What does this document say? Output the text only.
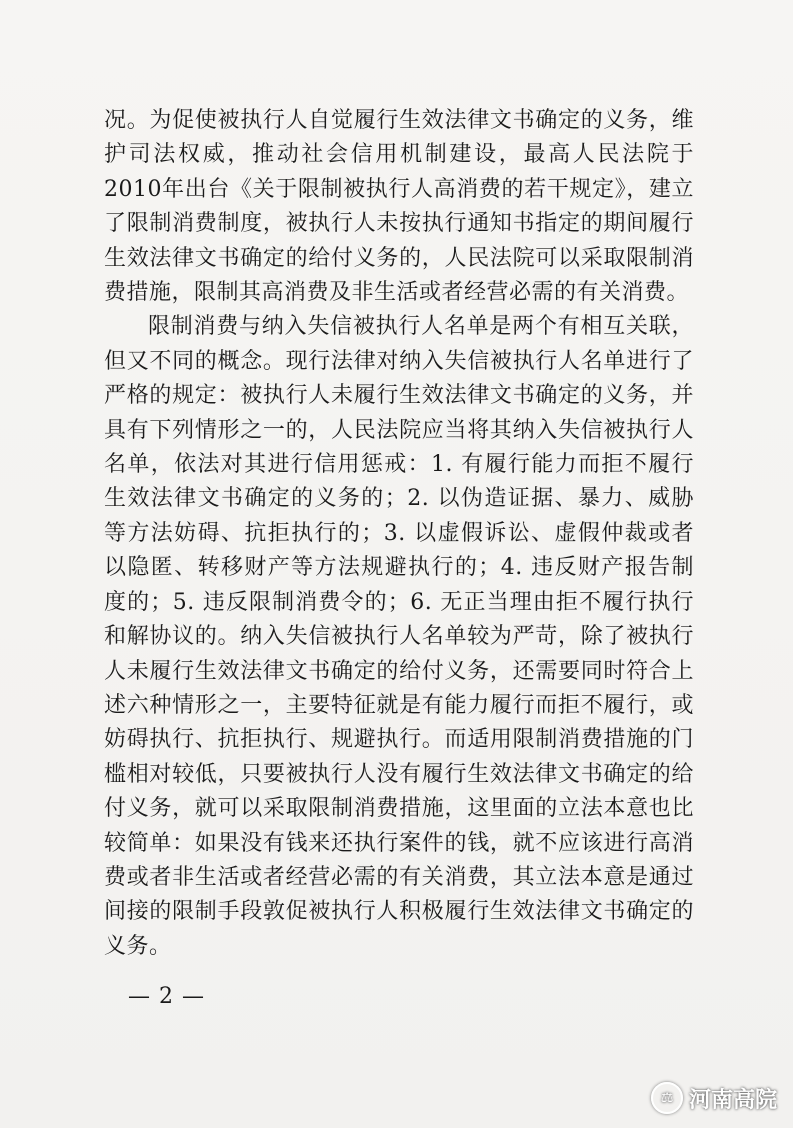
况。为促使被执行人自觉履行生效法律文书确定的义务，维护司法权威，推动社会信用机制建设，最高人民法院于2010年出台《关于限制被执行人高消费的若干规定》，建立了限制消费制度，被执行人未按执行通知书指定的期间履行生效法律文书确定的给付义务的，人民法院可以采取限制消费措施，限制其高消费及非生活或者经营必需的有关消费。

限制消费与纳入失信被执行人名单是两个有相互关联，但又不同的概念。现行法律对纳入失信被执行人名单进行了严格的规定：被执行人未履行生效法律文书确定的义务，并具有下列情形之一的，人民法院应当将其纳入失信被执行人名单，依法对其进行信用惩戒：1. 有履行能力而拒不履行生效法律文书确定的义务的；2. 以伪造证据、暴力、威胁等方法妨碍、抗拒执行的；3. 以虚假诉讼、虚假仲裁或者以隐匿、转移财产等方法规避执行的；4. 违反财产报告制度的；5. 违反限制消费令的；6. 无正当理由拒不履行执行和解协议的。纳入失信被执行人名单较为严苛，除了被执行人未履行生效法律文书确定的给付义务，还需要同时符合上述六种情形之一，主要特征就是有能力履行而拒不履行，或妨碍执行、抗拒执行、规避执行。而适用限制消费措施的门槛相对较低，只要被执行人没有履行生效法律文书确定的给付义务，就可以采取限制消费措施，这里面的立法本意也比较简单：如果没有钱来还执行案件的钱，就不应该进行高消费或者非生活或者经营必需的有关消费，其立法本意是通过间接的限制手段敦促被执行人积极履行生效法律文书确定的义务。

— 2 —
⚖ 河南高院
